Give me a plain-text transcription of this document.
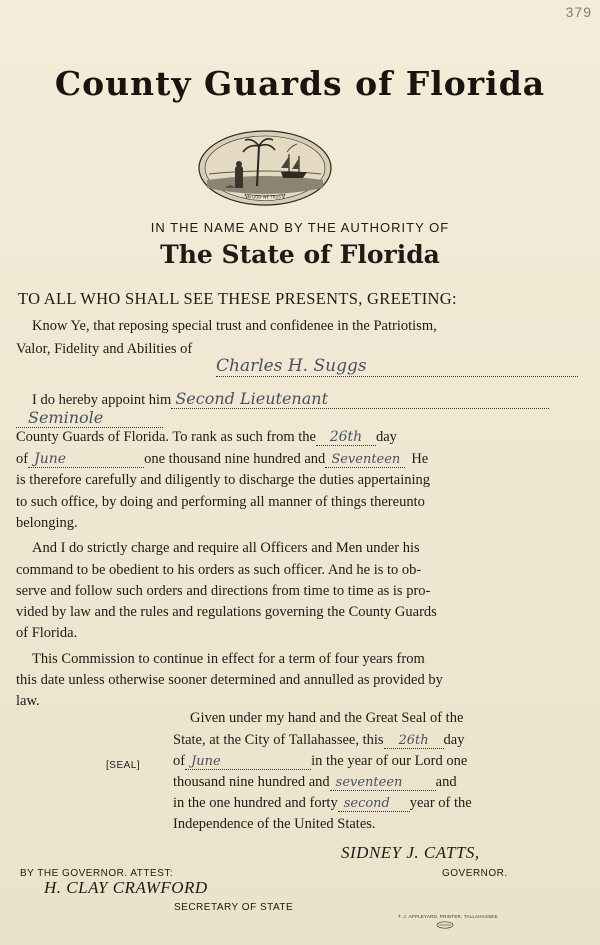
379
County Guards of Florida
IN GOD WE TRUST
IN THE NAME AND BY THE AUTHORITY OF
The State of Florida
TO ALL WHO SHALL SEE THESE PRESENTS, GREETING:
Know Ye, that reposing special trust and confidenee in the Patriotism,
Valor, Fidelity and Abilities of
Charles H. Suggs
I do hereby appoint him Second Lieutenant
Seminole
County Guards of Florida. To rank as such from the 26th day
of June	one thousand nine hundred and Seventeen He
is therefore carefully and diligently to discharge the duties appertaining
to such office, by doing and performing all manner of things thereunto
belonging.
And I do strictly charge and require all Officers and Men under his
command to be obedient to his orders as such officer. And he is to ob-
serve and follow such orders and directions from time to time as is pro-
vided by law and the rules and regulations governing the County Guards
of Florida.
This Commission to continue in effect for a term of four years from
this date unless otherwise sooner determined and annulled as provided by
law.
Given under my hand and the Great Seal of the
State, at the City of Tallahassee, this 26th day
[SEAL] of June	in the year of our Lord one
thousand nine hundred and seventeen and
in the one hundred and forty second year of the
Independence of the United States.
SIDNEY J. CATTS,
GOVERNOR.
BY THE GOVERNOR. ATTEST:
H. CLAY CRAWFORD
SECRETARY OF STATE
T. J. APPLEYARD, PRINTER, TALLAHASSEE
